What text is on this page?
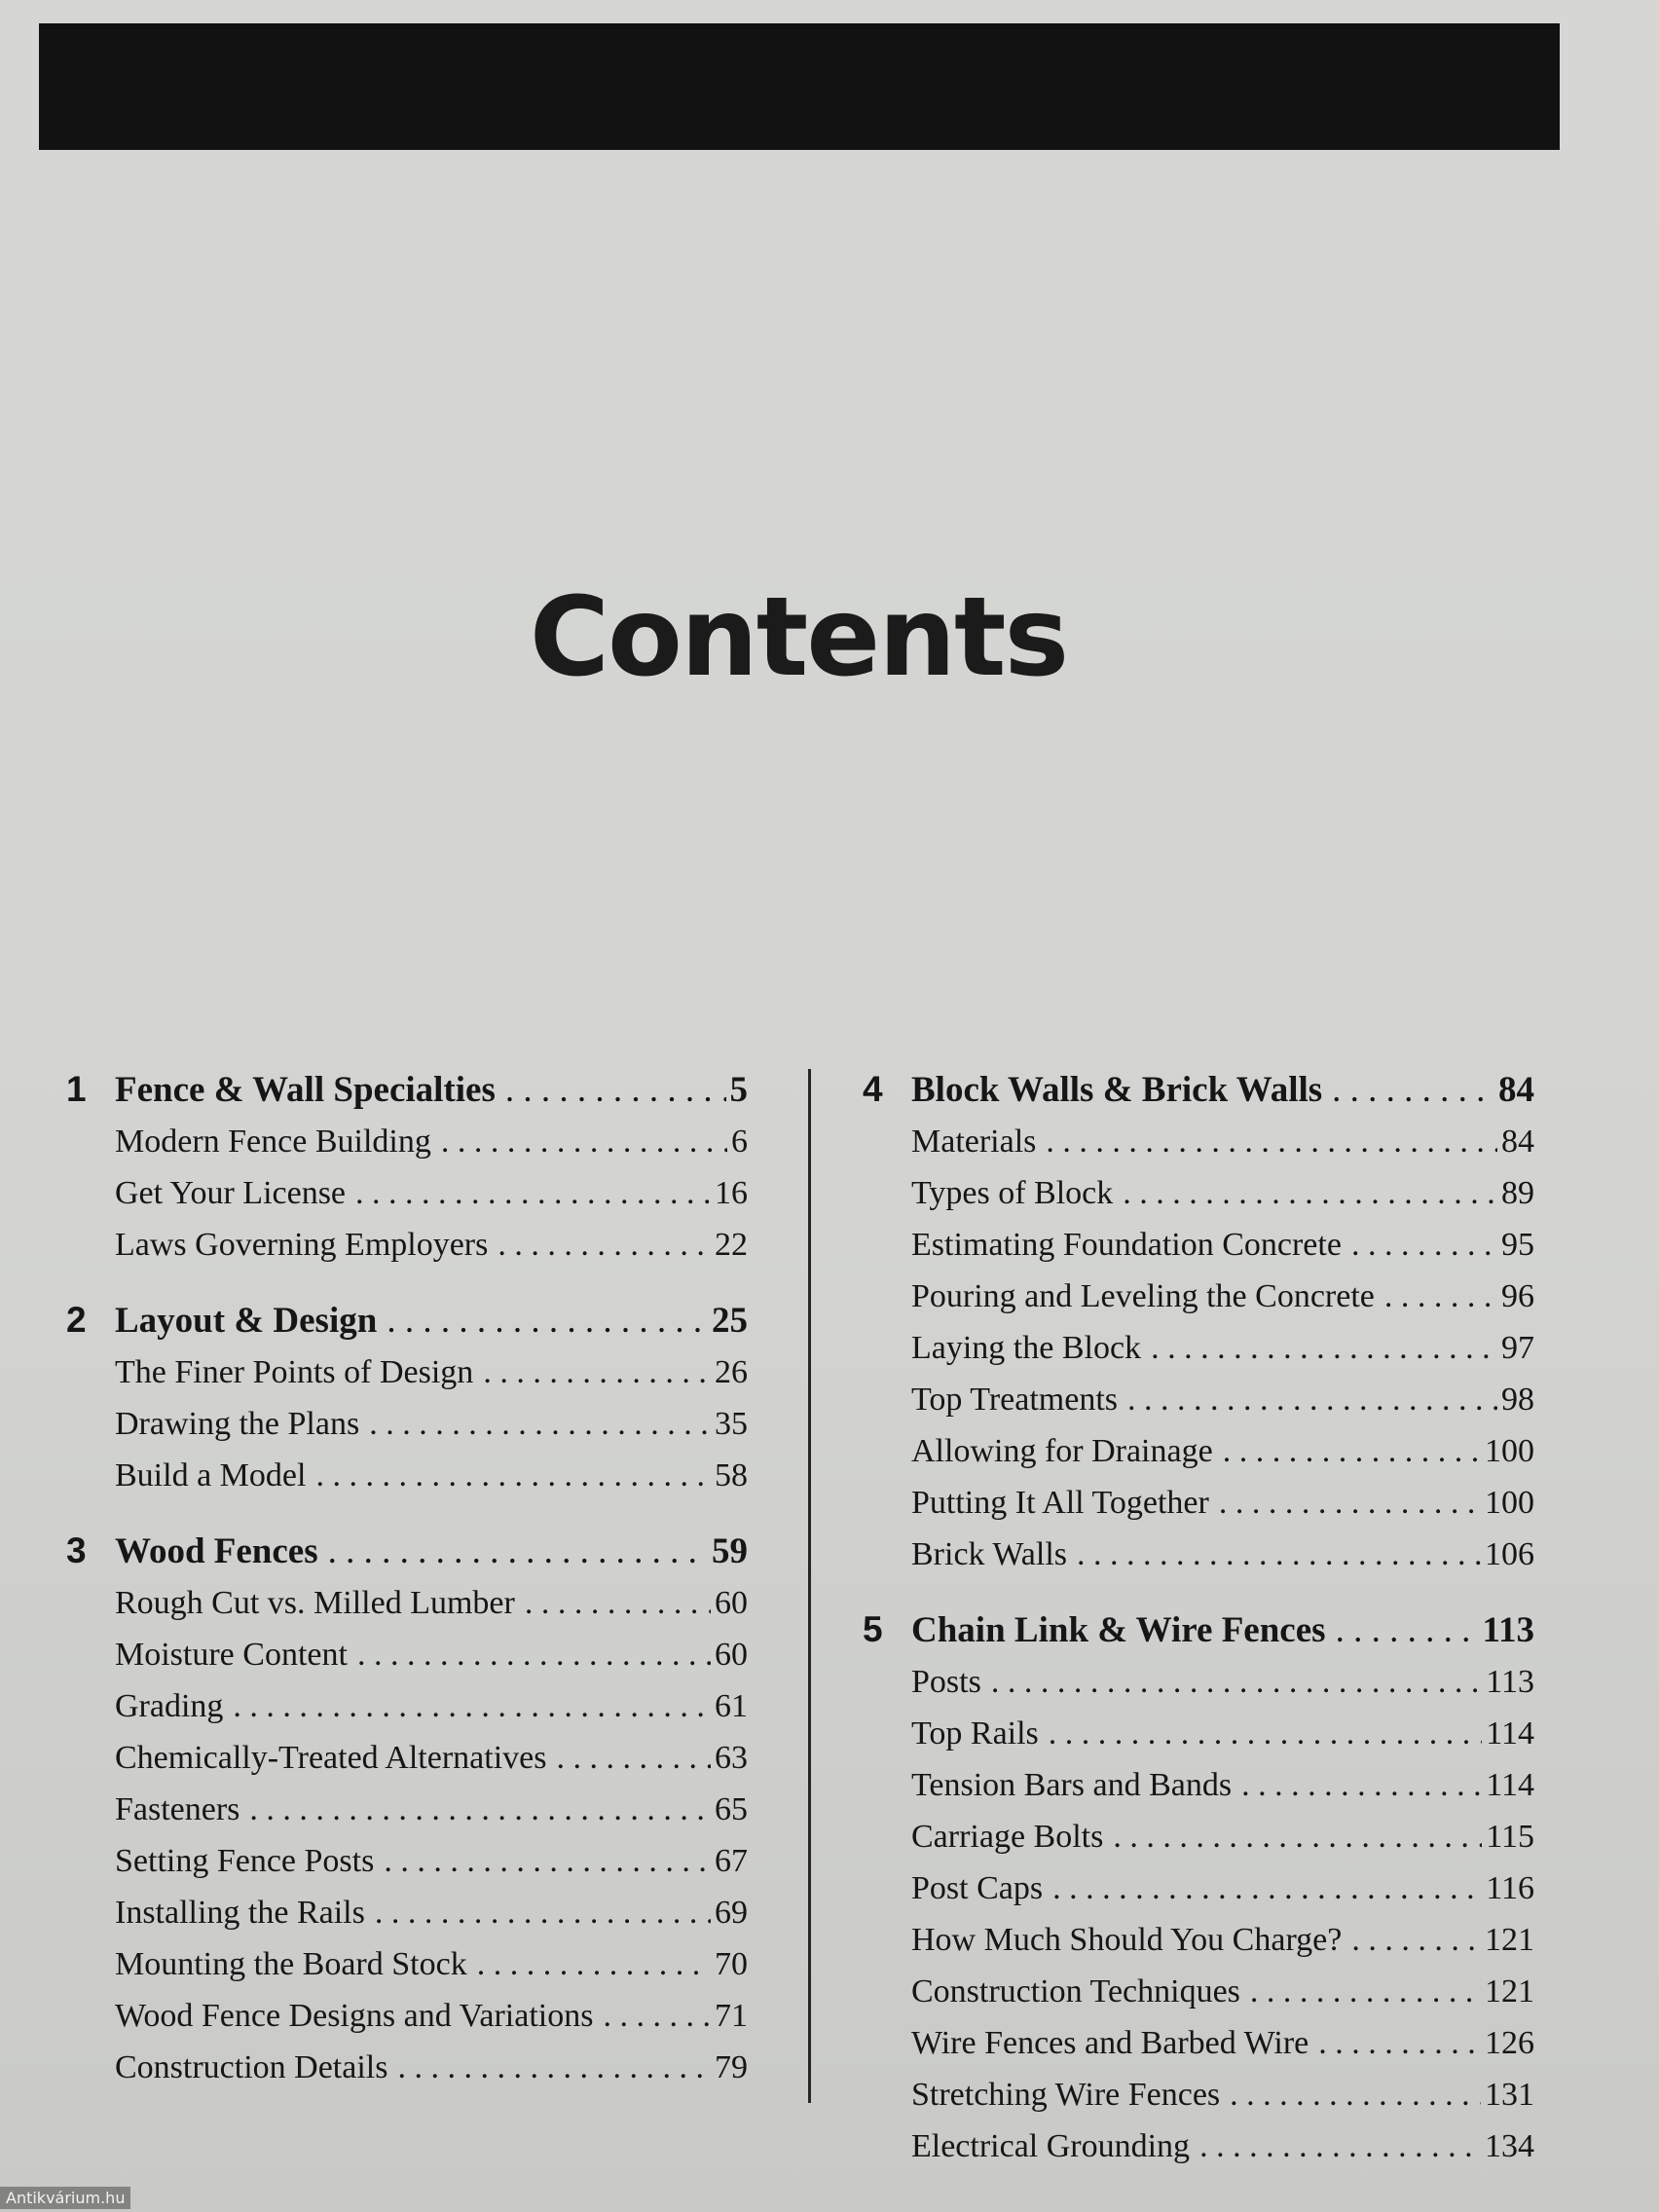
Contents
1 Fence & Wall Specialties . . .	5
Modern Fence Building . . .	6
Get Your License . . .	16
Laws Governing Employers . . .	22
2 Layout & Design . . .	25
The Finer Points of Design . . .	26
Drawing the Plans . . .	35
Build a Model . . .	58
3 Wood Fences . . .	59
Rough Cut vs. Milled Lumber . . .	60
Moisture Content . . .	60
Grading . . .	61
Chemically-Treated Alternatives . . .	63
Fasteners . . .	65
Setting Fence Posts . . .	67
Installing the Rails . . .	69
Mounting the Board Stock . . .	70
Wood Fence Designs and Variations . . .	71
Construction Details . . .	79
4 Block Walls & Brick Walls . . .	84
Materials . . .	84
Types of Block . . .	89
Estimating Foundation Concrete . . .	95
Pouring and Leveling the Concrete . . .	96
Laying the Block . . .	97
Top Treatments . . .	98
Allowing for Drainage . . .	100
Putting It All Together . . .	100
Brick Walls . . .	106
5 Chain Link & Wire Fences . . .	113
Posts . . .	113
Top Rails . . .	114
Tension Bars and Bands . . .	114
Carriage Bolts . . .	115
Post Caps . . .	116
How Much Should You Charge? . . .	121
Construction Techniques . . .	121
Wire Fences and Barbed Wire . . .	126
Stretching Wire Fences . . .	131
Electrical Grounding . . .	134
Antikvárium.hu
